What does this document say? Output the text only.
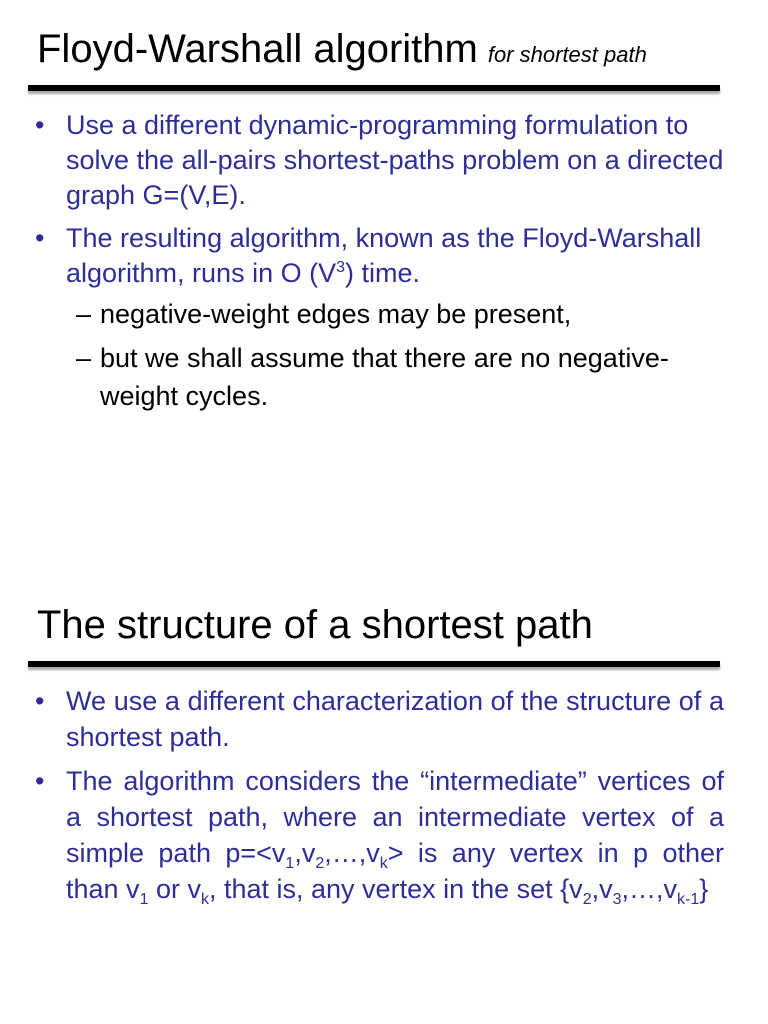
Floyd-Warshall algorithm for shortest path
• Use a different dynamic-programming formulation to solve the all-pairs shortest-paths problem on a directed graph G=(V,E).
• The resulting algorithm, known as the Floyd-Warshall algorithm, runs in O $(V^3)$ time.
– negative-weight edges may be present,
– but we shall assume that there are no negative-weight cycles.
The structure of a shortest path
• We use a different characterization of the structure of a shortest path.
• The algorithm considers the “intermediate” vertices of a shortest path, where an intermediate vertex of a simple path $p=<v_1,v_2,\dots,v_k>$ is any vertex in p other than $v_1$ or $v_k$, that is, any vertex in the set $\{v_2,v_3,\dots,v_{k-1}\}$
